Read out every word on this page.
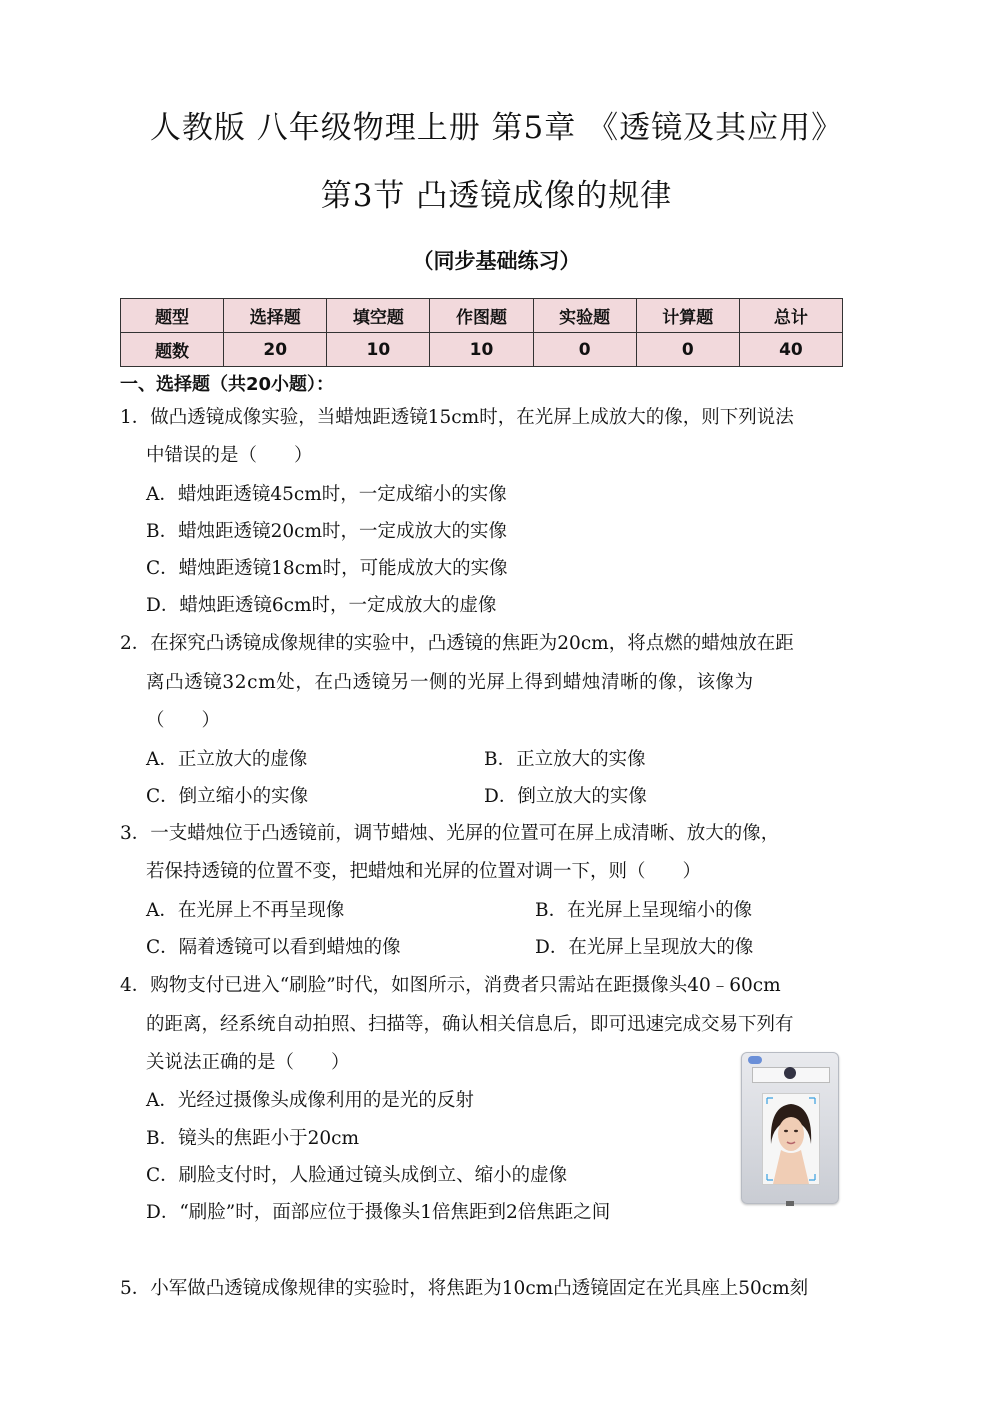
人教版 八年级物理上册 第5章 《透镜及其应用》
第3节 凸透镜成像的规律
（同步基础练习）
题型	选择题	填空题	作图题	实验题	计算题	总计
题数	20	10	10	0	0	40
一、选择题（共20小题）：
1．做凸透镜成像实验，当蜡烛距透镜15cm时，在光屏上成放大的像，则下列说法
中错误的是（　　）
A．蜡烛距透镜45cm时，一定成缩小的实像
B．蜡烛距透镜20cm时，一定成放大的实像
C．蜡烛距透镜18cm时，可能成放大的实像
D．蜡烛距透镜6cm时，一定成放大的虚像
2．在探究凸诱镜成像规律的实验中，凸透镜的焦距为20cm，将点燃的蜡烛放在距
离凸透镜32cm处，在凸透镜另一侧的光屏上得到蜡烛清晰的像，该像为
（　　）
A．正立放大的虚像	B．正立放大的实像
C．倒立缩小的实像	D．倒立放大的实像
3．一支蜡烛位于凸透镜前，调节蜡烛、光屏的位置可在屏上成清晰、放大的像，
若保持透镜的位置不变，把蜡烛和光屏的位置对调一下，则（　　）
A．在光屏上不再呈现像	B．在光屏上呈现缩小的像
C．隔着透镜可以看到蜡烛的像	D．在光屏上呈现放大的像
4．购物支付已进入“刷脸”时代，如图所示，消费者只需站在距摄像头40﹣60cm
的距离，经系统自动拍照、扫描等，确认相关信息后，即可迅速完成交易下列有
关说法正确的是（　　）
A．光经过摄像头成像利用的是光的反射
B．镜头的焦距小于20cm
C．刷脸支付时，人脸通过镜头成倒立、缩小的虚像
D．“刷脸”时，面部应位于摄像头1倍焦距到2倍焦距之间
5．小军做凸透镜成像规律的实验时，将焦距为10cm凸透镜固定在光具座上50cm刻
